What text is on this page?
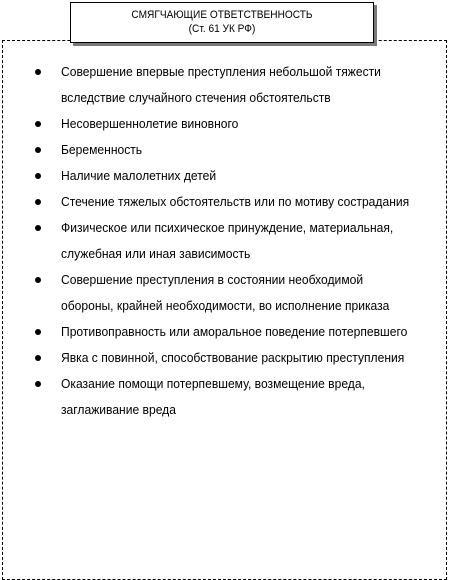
СМЯГЧАЮЩИЕ ОТВЕТСТВЕННОСТЬ
(Ст. 61 УК РФ)
Совершение впервые преступления небольшой тяжести вследствие случайного стечения обстоятельств
Несовершеннолетие виновного
Беременность
Наличие малолетних детей
Стечение тяжелых обстоятельств или по мотиву сострадания
Физическое или психическое принуждение, материальная, служебная или иная зависимость
Совершение преступления в состоянии необходимой обороны, крайней необходимости, во исполнение приказа
Противоправность или аморальное поведение потерпевшего
Явка с повинной, способствование раскрытию преступления
Оказание помощи потерпевшему, возмещение вреда, заглаживание вреда
